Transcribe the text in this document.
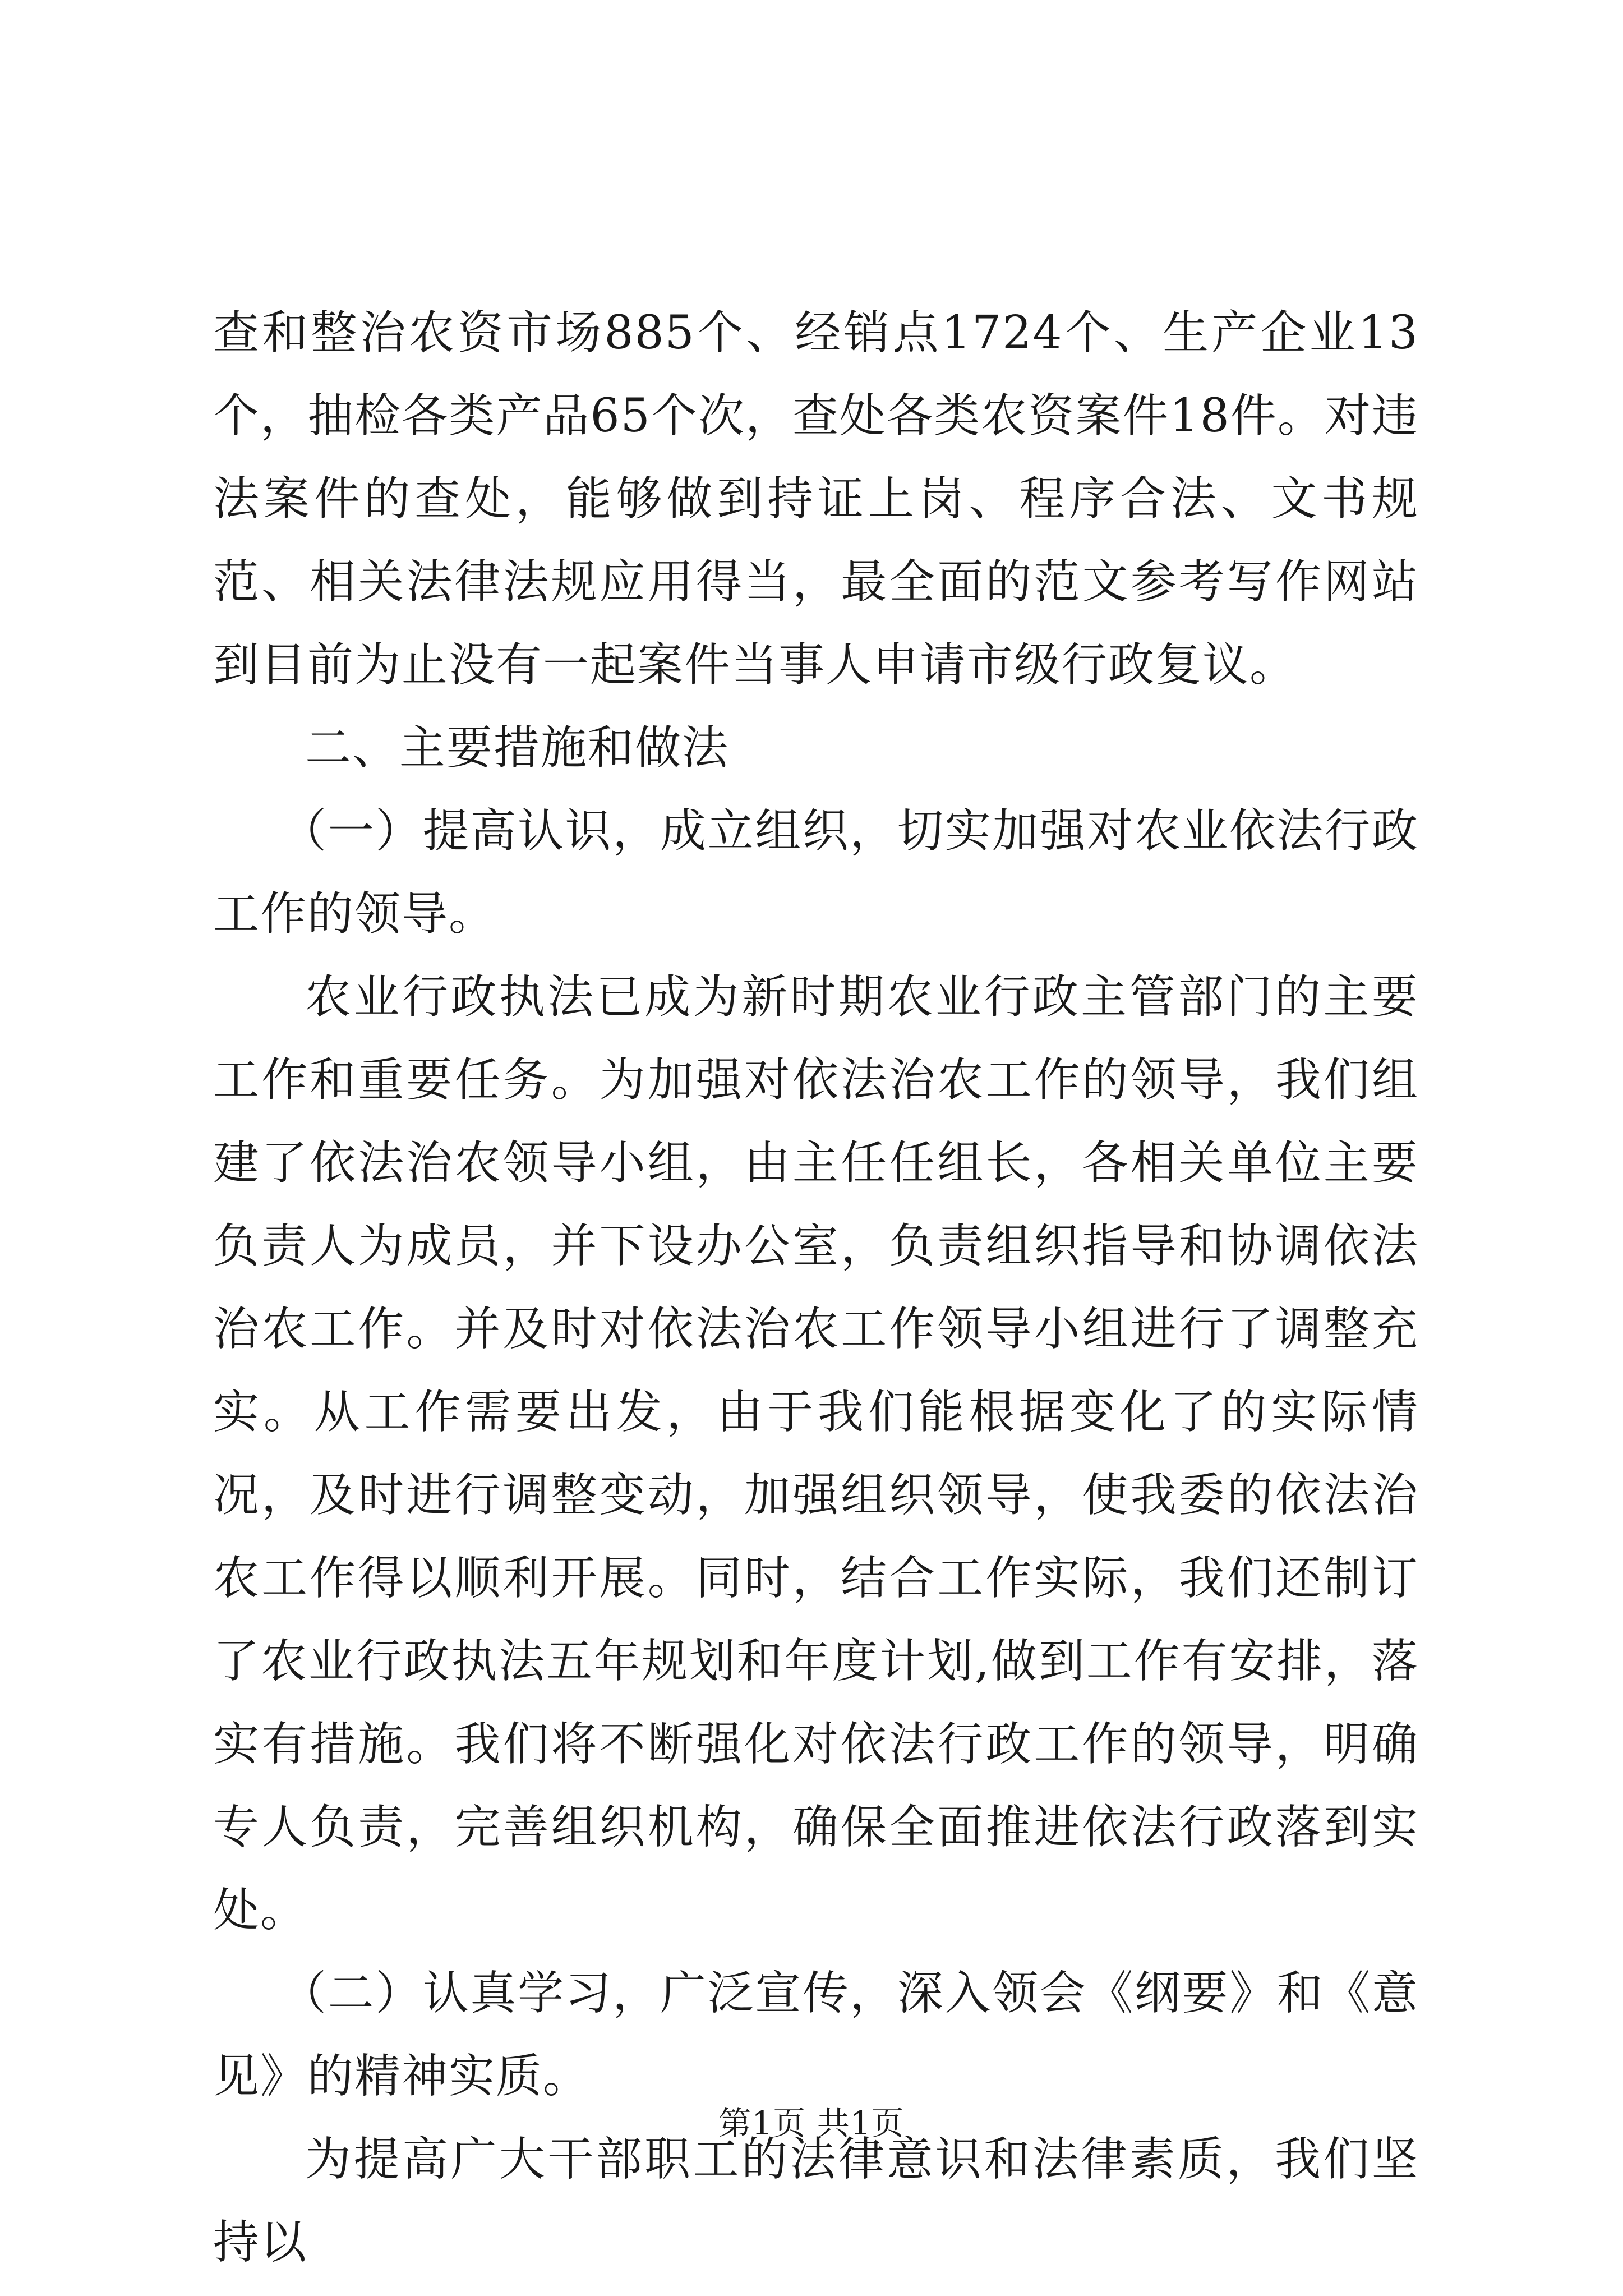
查和整治农资市场885个、经销点1724个、生产企业13个，抽检各类产品65个次，查处各类农资案件18件。对违法案件的查处，能够做到持证上岗、程序合法、文书规范、相关法律法规应用得当，最全面的范文参考写作网站到目前为止没有一起案件当事人申请市级行政复议。

二、主要措施和做法

（一）提高认识，成立组织，切实加强对农业依法行政工作的领导。

农业行政执法已成为新时期农业行政主管部门的主要工作和重要任务。为加强对依法治农工作的领导，我们组建了依法治农领导小组，由主任任组长，各相关单位主要负责人为成员，并下设办公室，负责组织指导和协调依法治农工作。并及时对依法治农工作领导小组进行了调整充实。从工作需要出发，由于我们能根据变化了的实际情况，及时进行调整变动，加强组织领导，使我委的依法治农工作得以顺利开展。同时，结合工作实际，我们还制订了农业行政执法五年规划和年度计划,做到工作有安排，落实有措施。我们将不断强化对依法行政工作的领导，明确专人负责，完善组织机构，确保全面推进依法行政落到实处。

（二）认真学习，广泛宣传，深入领会《纲要》和《意见》的精神实质。

为提高广大干部职工的法律意识和法律素质，我们坚持以

第1页 共1页
